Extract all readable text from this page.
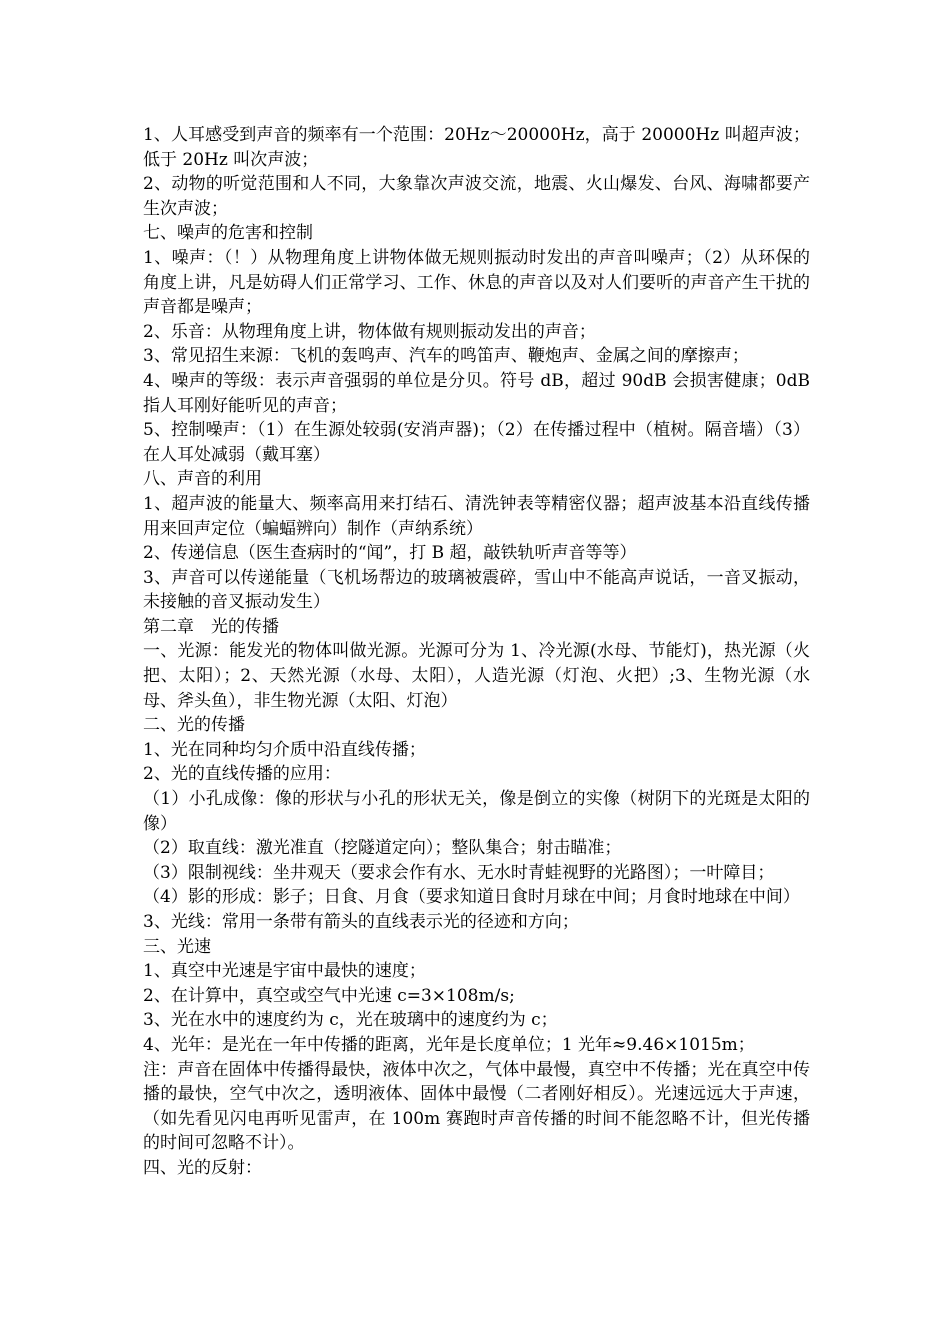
1、人耳感受到声音的频率有一个范围：20Hz～20000Hz，高于 20000Hz 叫超声波；低于 20Hz 叫次声波；

2、动物的听觉范围和人不同，大象靠次声波交流，地震、火山爆发、台风、海啸都要产生次声波；

七、噪声的危害和控制

1、噪声：（！）从物理角度上讲物体做无规则振动时发出的声音叫噪声；（2）从环保的角度上讲，凡是妨碍人们正常学习、工作、休息的声音以及对人们要听的声音产生干扰的声音都是噪声；

2、乐音：从物理角度上讲，物体做有规则振动发出的声音；

3、常见招生来源：飞机的轰鸣声、汽车的鸣笛声、鞭炮声、金属之间的摩擦声；

4、噪声的等级：表示声音强弱的单位是分贝。符号 dB，超过 90dB 会损害健康；0dB 指人耳刚好能听见的声音；

5、控制噪声：（1）在生源处较弱(安消声器)；（2）在传播过程中（植树。隔音墙）（3）在人耳处减弱（戴耳塞）

八、声音的利用

1、超声波的能量大、频率高用来打结石、清洗钟表等精密仪器；超声波基本沿直线传播用来回声定位（蝙蝠辨向）制作（声纳系统）

2、传递信息（医生查病时的“闻”，打 B 超，敲铁轨听声音等等）

3、声音可以传递能量（飞机场帮边的玻璃被震碎，雪山中不能高声说话，一音叉振动，未接触的音叉振动发生）

第二章　光的传播

一、光源：能发光的物体叫做光源。光源可分为 1、冷光源(水母、节能灯)，热光源（火把、太阳）；2、天然光源（水母、太阳），人造光源（灯泡、火把）;3、生物光源（水母、斧头鱼），非生物光源（太阳、灯泡）

二、光的传播

1、光在同种均匀介质中沿直线传播；

2、光的直线传播的应用：

（1）小孔成像：像的形状与小孔的形状无关，像是倒立的实像（树阴下的光斑是太阳的像）

（2）取直线：激光准直（挖隧道定向）；整队集合；射击瞄准；

（3）限制视线：坐井观天（要求会作有水、无水时青蛙视野的光路图）；一叶障目；

（4）影的形成：影子；日食、月食（要求知道日食时月球在中间；月食时地球在中间）

3、光线：常用一条带有箭头的直线表示光的径迹和方向；

三、光速

1、真空中光速是宇宙中最快的速度；

2、在计算中，真空或空气中光速 c=3×108m/s;

3、光在水中的速度约为 c，光在玻璃中的速度约为 c；

4、光年：是光在一年中传播的距离，光年是长度单位；1 光年≈9.46×1015m；

注：声音在固体中传播得最快，液体中次之，气体中最慢，真空中不传播；光在真空中传播的最快，空气中次之，透明液体、固体中最慢（二者刚好相反）。光速远远大于声速，（如先看见闪电再听见雷声，在 100m 赛跑时声音传播的时间不能忽略不计，但光传播的时间可忽略不计）。

四、光的反射：
